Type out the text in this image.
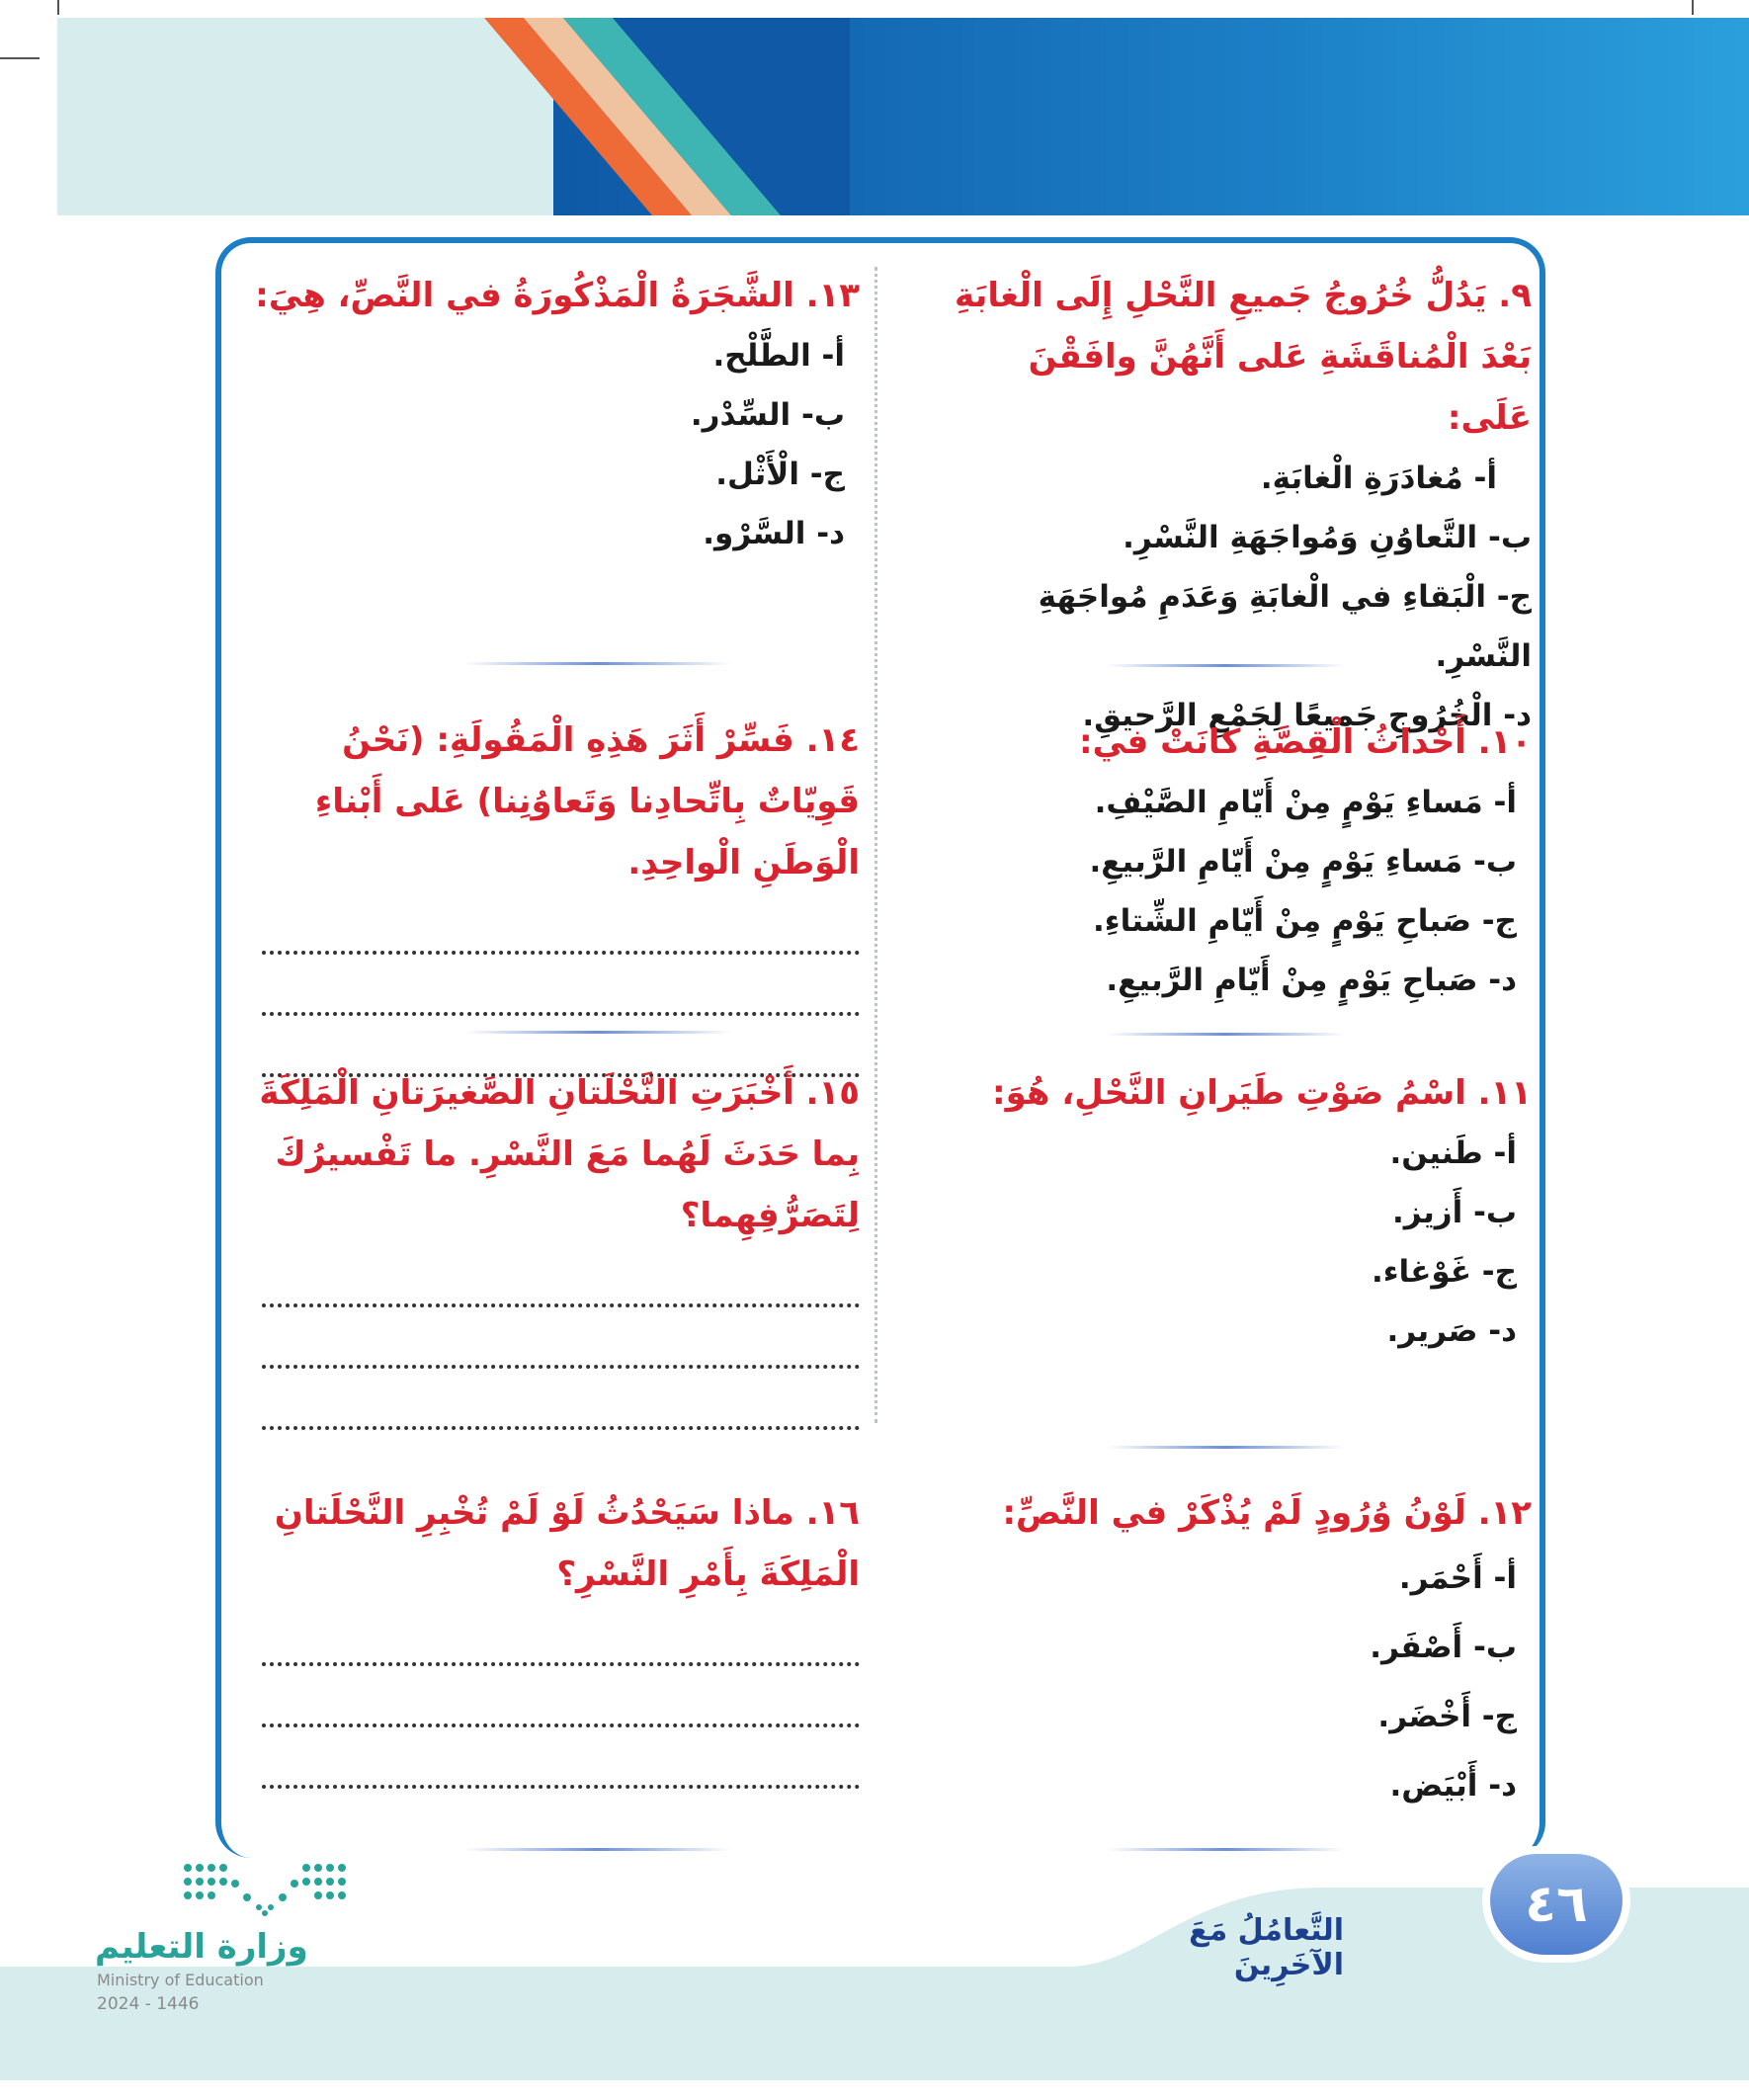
٩. يَدُلُّ خُرُوجُ جَميعِ النَّحْلِ إِلَى الْغابَةِ بَعْدَ الْمُناقَشَةِ عَلى أَنَّهُنَّ وافَقْنَ عَلَى:
أ- مُغادَرَةِ الْغابَةِ.
ب- التَّعاوُنِ وَمُواجَهَةِ النَّسْرِ.
ج- الْبَقاءِ في الْغابَةِ وَعَدَمِ مُواجَهَةِ النَّسْرِ.
د- الْخُرُوجِ جَميعًا لِجَمْعِ الرَّحيقِ.
١٠. أَحْداثُ الْقِصَّةِ كانَتْ في:
أ- مَساءِ يَوْمٍ مِنْ أَيّامِ الصَّيْفِ.
ب- مَساءِ يَوْمٍ مِنْ أَيّامِ الرَّبيعِ.
ج- صَباحِ يَوْمٍ مِنْ أَيّامِ الشِّتاءِ.
د- صَباحِ يَوْمٍ مِنْ أَيّامِ الرَّبيعِ.
١١. اسْمُ صَوْتِ طَيَرانِ النَّحْلِ، هُوَ:
أ- طَنين.
ب- أَزيز.
ج- غَوْغاء.
د- صَرير.
١٢. لَوْنُ وُرُودٍ لَمْ يُذْكَرْ في النَّصِّ:
أ- أَحْمَر.
ب- أَصْفَر.
ج- أَخْضَر.
د- أَبْيَض.
١٣. الشَّجَرَةُ الْمَذْكُورَةُ في النَّصِّ، هِيَ:
أ- الطَّلْح.
ب- السِّدْر.
ج- الْأَثْل.
د- السَّرْو.
١٤. فَسِّرْ أَثَرَ هَذِهِ الْمَقُولَةِ: (نَحْنُ قَوِيّاتٌ بِاتِّحادِنا وَتَعاوُنِنا) عَلى أَبْناءِ الْوَطَنِ الْواحِدِ.
١٥. أَخْبَرَتِ النَّحْلَتانِ الصَّغيرَتانِ الْمَلِكَةَ بِما حَدَثَ لَهُما مَعَ النَّسْرِ. ما تَفْسيرُكَ لِتَصَرُّفِهِما؟
١٦. ماذا سَيَحْدُثُ لَوْ لَمْ تُخْبِرِ النَّحْلَتانِ الْمَلِكَةَ بِأَمْرِ النَّسْرِ؟
٤٦
التَّعامُلُ مَعَ الآخَرِينَ
وزارة التعليم
Ministry of Education
2024 - 1446
